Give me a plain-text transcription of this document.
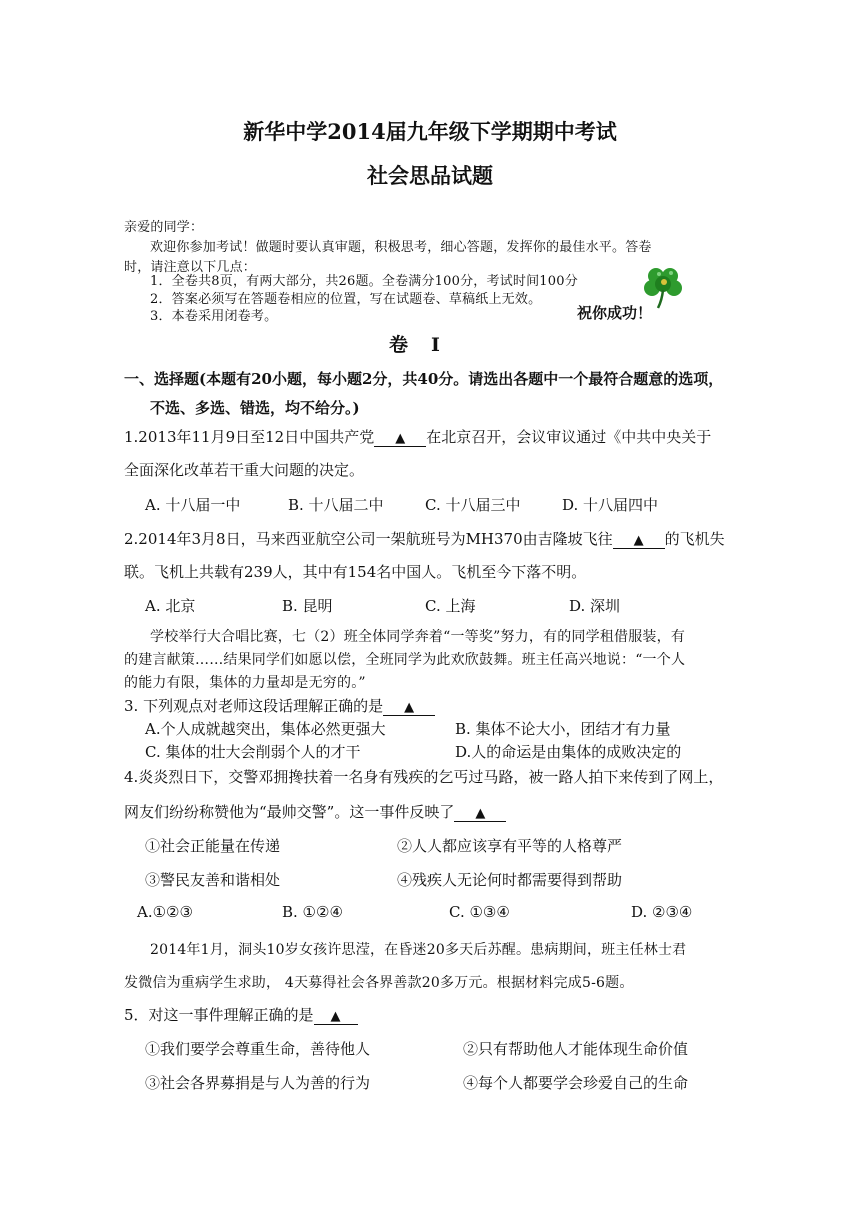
新华中学2014届九年级下学期期中考试
社会思品试题
亲爱的同学：
欢迎你参加考试！做题时要认真审题，积极思考，细心答题，发挥你的最佳水平。答卷
时，请注意以下几点：
1．全卷共8页，有两大部分，共26题。全卷满分100分，考试时间100分
2．答案必须写在答题卷相应的位置，写在试题卷、草稿纸上无效。
3．本卷采用闭卷考。	祝你成功！
卷　Ⅰ
一、选择题(本题有20小题，每小题2分，共40分。请选出各题中一个最符合题意的选项，
不选、多选、错选，均不给分。)
1.2013年11月9日至12日中国共产党 ▲ 在北京召开，会议审议通过《中共中央关于
全面深化改革若干重大问题的决定。
A. 十八届一中	B. 十八届二中	C. 十八届三中	D. 十八届四中
2.2014年3月8日，马来西亚航空公司一架航班号为MH370由吉隆坡飞往 ▲ 的飞机失
联。飞机上共载有239人，其中有154名中国人。飞机至今下落不明。
A. 北京	B. 昆明	C. 上海	D. 深圳
学校举行大合唱比赛，七（2）班全体同学奔着“一等奖”努力，有的同学租借服装，有
的建言献策……结果同学们如愿以偿，全班同学为此欢欣鼓舞。班主任高兴地说：“一个人
的能力有限，集体的力量却是无穷的。”
3. 下列观点对老师这段话理解正确的是 ▲
A.个人成就越突出，集体必然更强大	B. 集体不论大小，团结才有力量
C. 集体的壮大会削弱个人的才干	D.人的命运是由集体的成败决定的
4.炎炎烈日下，交警邓拥搀扶着一名身有残疾的乞丐过马路，被一路人拍下来传到了网上，
网友们纷纷称赞他为“最帅交警”。这一事件反映了 ▲
①社会正能量在传递	②人人都应该享有平等的人格尊严
③警民友善和谐相处	④残疾人无论何时都需要得到帮助
A.①②③	B. ①②④	C. ①③④	D. ②③④
2014年1月，洞头10岁女孩许思滢，在昏迷20多天后苏醒。患病期间，班主任林士君
发微信为重病学生求助， 4天募得社会各界善款20多万元。根据材料完成5-6题。
5．对这一事件理解正确的是 ▲
①我们要学会尊重生命，善待他人	②只有帮助他人才能体现生命价值
③社会各界募捐是与人为善的行为	④每个人都要学会珍爱自己的生命
